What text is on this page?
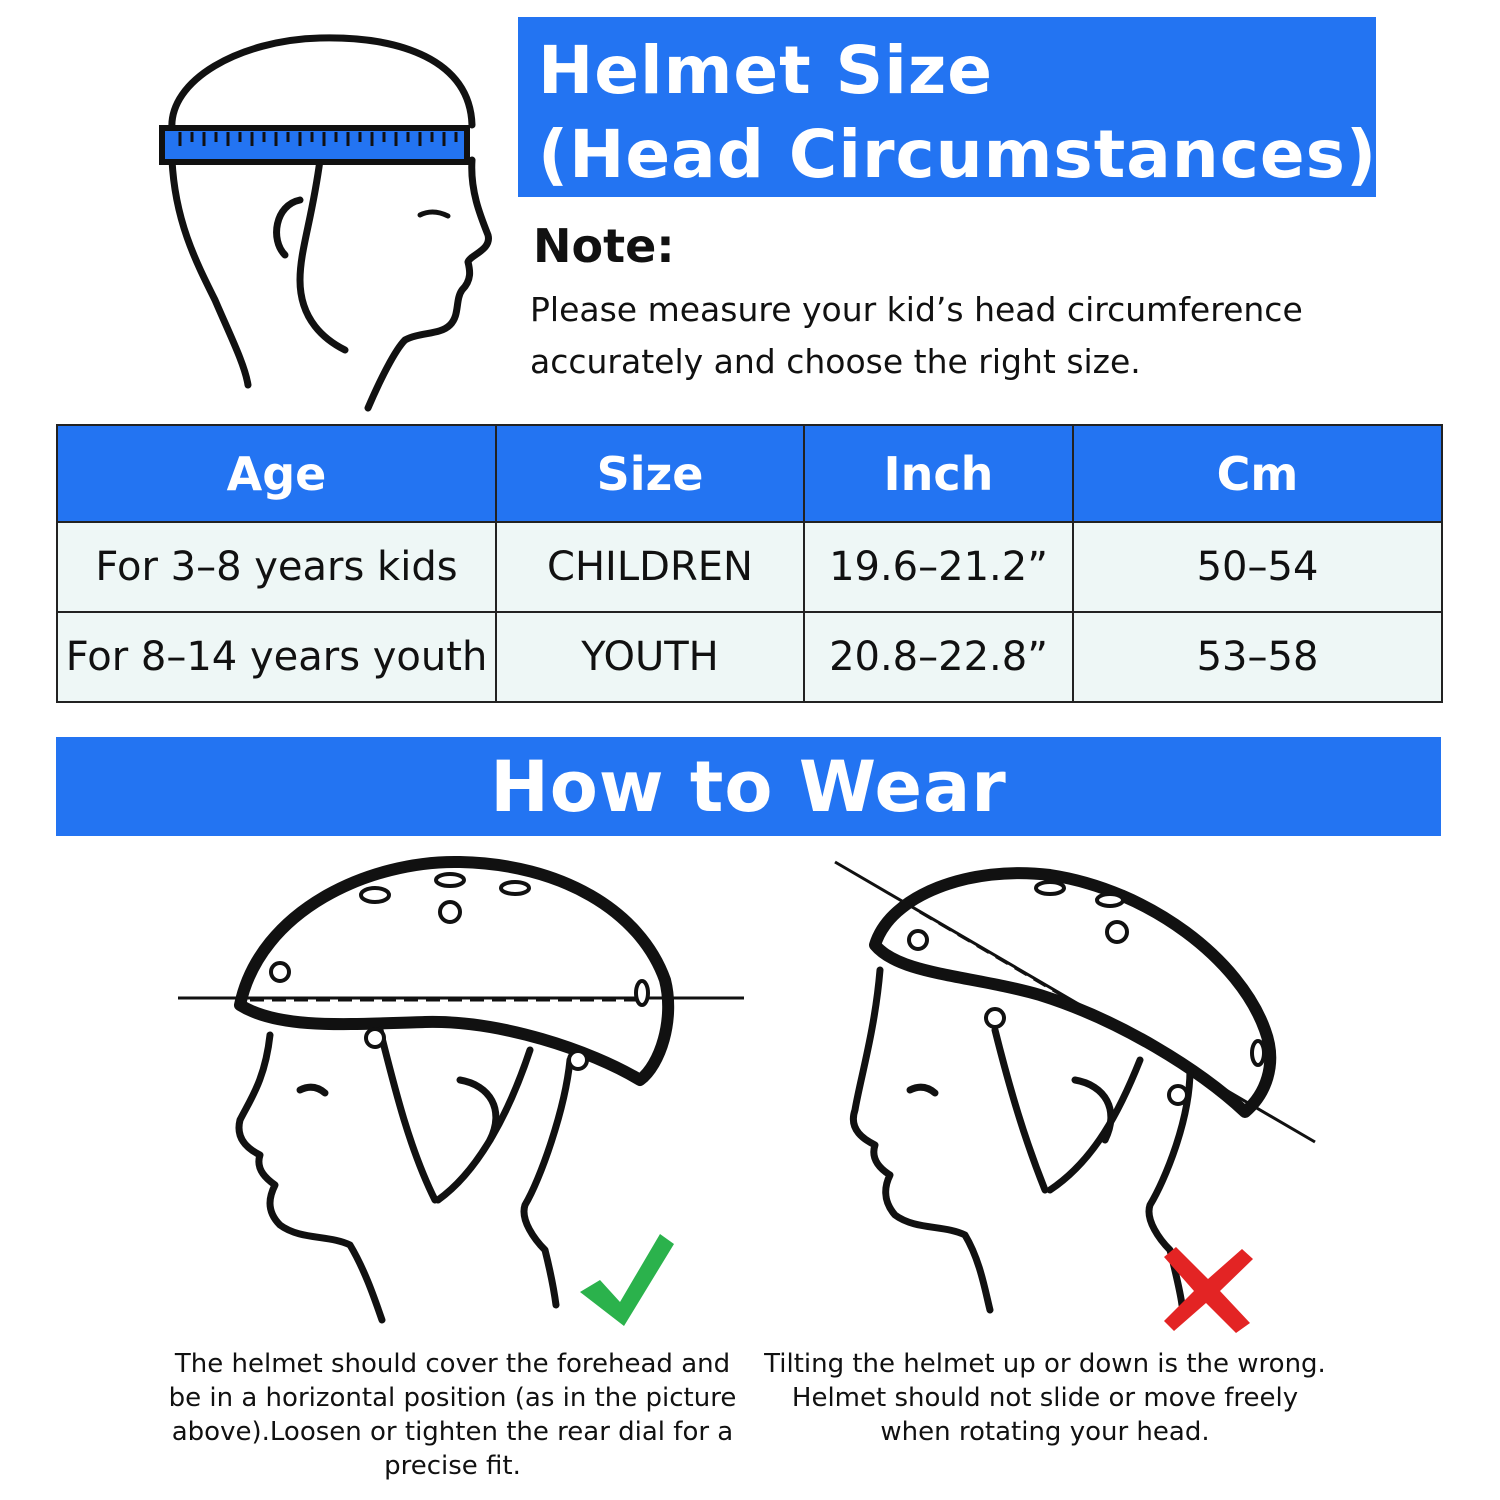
Helmet Size
(Head Circumstances)
Note:
Please measure your kid’s head circumference
accurately and choose the right size.
Age	Size	Inch	Cm
For 3–8 years kids	CHILDREN	19.6–21.2”	50–54
For 8–14 years youth	YOUTH	20.8–22.8”	53–58
How to Wear
The helmet should cover the forehead and be in a horizontal position (as in the picture above).Loosen or tighten the rear dial for a precise fit.
Tilting the helmet up or down is the wrong. Helmet should not slide or move freely when rotating your head.
